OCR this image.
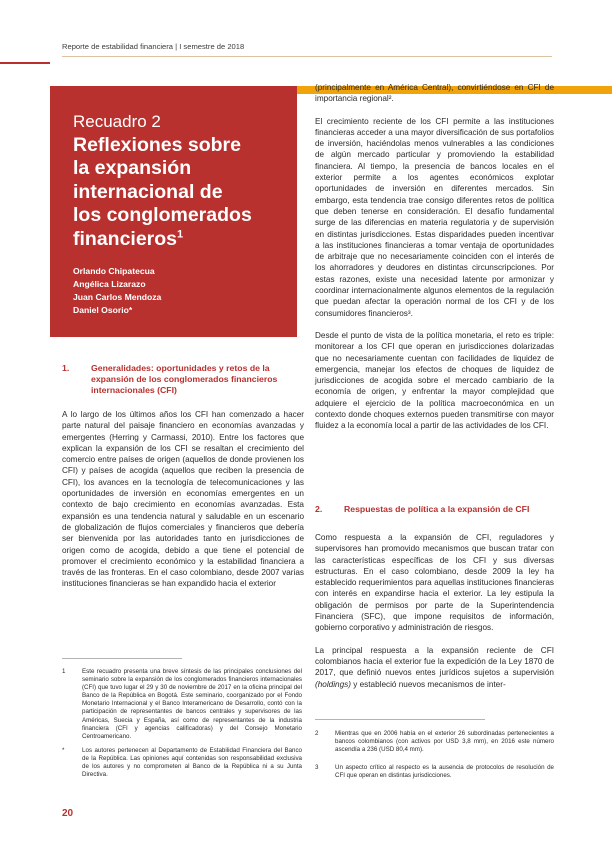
Reporte de estabilidad financiera | I semestre de 2018
Recuadro 2
Reflexiones sobre
la expansión
internacional de
los conglomerados
financieros$^1$
Orlando Chipatecua
Angélica Lizarazo
Juan Carlos Mendoza
Daniel Osorio*
1.	Generalidades: oportunidades y retos de la expansión de los conglomerados financieros internacionales (CFI)

A lo largo de los últimos años los CFI han comenzado a hacer parte natural del paisaje financiero en economías avanzadas y emergentes (Herring y Carmassi, 2010). Entre los factores que explican la expansión de los CFI se resaltan el crecimiento del comercio entre países de origen (aquellos de donde provienen los CFI) y países de acogida (aquellos que reciben la presencia de CFI), los avances en la tecnología de telecomunicaciones y las oportunidades de inversión en economías emergentes en un contexto de bajo crecimiento en economías avanzadas. Esta expansión es una tendencia natural y saludable en un escenario de globalización de flujos comerciales y financieros que debería ser bienvenida por las autoridades tanto en jurisdicciones de origen como de acogida, debido a que tiene el potencial de promover el crecimiento económico y la estabilidad financiera a través de las fronteras. En el caso colombiano, desde 2007 varias instituciones financieras se han expandido hacia el exterior

(principalmente en América Central), convirtiéndose en CFI de importancia regional².

El crecimiento reciente de los CFI permite a las instituciones financieras acceder a una mayor diversificación de sus portafolios de inversión, haciéndolas menos vulnerables a las condiciones de algún mercado particular y promoviendo la estabilidad financiera. Al tiempo, la presencia de bancos locales en el exterior permite a los agentes económicos explotar oportunidades de inversión en diferentes mercados. Sin embargo, esta tendencia trae consigo diferentes retos de política que deben tenerse en consideración. El desafío fundamental surge de las diferencias en materia regulatoria y de supervisión en distintas jurisdicciones. Estas disparidades pueden incentivar a las instituciones financieras a tomar ventaja de oportunidades de arbitraje que no necesariamente coinciden con el interés de los ahorradores y deudores en distintas circunscripciones. Por estas razones, existe una necesidad latente por armonizar y coordinar internacionalmente algunos elementos de la regulación que puedan afectar la operación normal de los CFI y de los consumidores financieros³.

Desde el punto de vista de la política monetaria, el reto es triple: monitorear a los CFI que operan en jurisdicciones dolarizadas que no necesariamente cuentan con facilidades de liquidez de emergencia, manejar los efectos de choques de liquidez de jurisdicciones de acogida sobre el mercado cambiario de la economía de origen, y enfrentar la mayor complejidad que adquiere el ejercicio de la política macroeconómica en un contexto donde choques externos pueden transmitirse con mayor fluidez a la economía local a partir de las actividades de los CFI.

2.	Respuestas de política a la expansión de CFI

Como respuesta a la expansión de CFI, reguladores y supervisores han promovido mecanismos que buscan tratar con las características específicas de los CFI y sus diversas estructuras. En el caso colombiano, desde 2009 la ley ha establecido requerimientos para aquellas instituciones financieras con interés en expandirse hacia el exterior. La ley estipula la obligación de permisos por parte de la Superintendencia Financiera (SFC), que impone requisitos de información, gobierno corporativo y administración de riesgos.

La principal respuesta a la expansión reciente de CFI colombianos hacia el exterior fue la expedición de la Ley 1870 de 2017, que definió nuevos entes jurídicos sujetos a supervisión (holdings) y estableció nuevos mecanismos de inter-

1	Este recuadro presenta una breve síntesis de las principales conclusiones del seminario sobre la expansión de los conglomerados financieros internacionales (CFI) que tuvo lugar el 29 y 30 de noviembre de 2017 en la oficina principal del Banco de la República en Bogotá. Este seminario, coorganizado por el Fondo Monetario Internacional y el Banco Interamericano de Desarrollo, contó con la participación de representantes de bancos centrales y supervisores de las Américas, Suecia y España, así como de representantes de la industria financiera (CFI y agencias calificadoras) y del Consejo Monetario Centroamericano.
*	Los autores pertenecen al Departamento de Estabilidad Financiera del Banco de la República. Las opiniones aquí contenidas son responsabilidad exclusiva de los autores y no comprometen al Banco de la República ni a su Junta Directiva.
2	Mientras que en 2006 había en el exterior 26 subordinadas pertenecientes a bancos colombianos (con activos por USD 3,8 mm), en 2016 este número ascendía a 236 (USD 80,4 mm).
3	Un aspecto crítico al respecto es la ausencia de protocolos de resolución de CFI que operan en distintas jurisdicciones.
20
